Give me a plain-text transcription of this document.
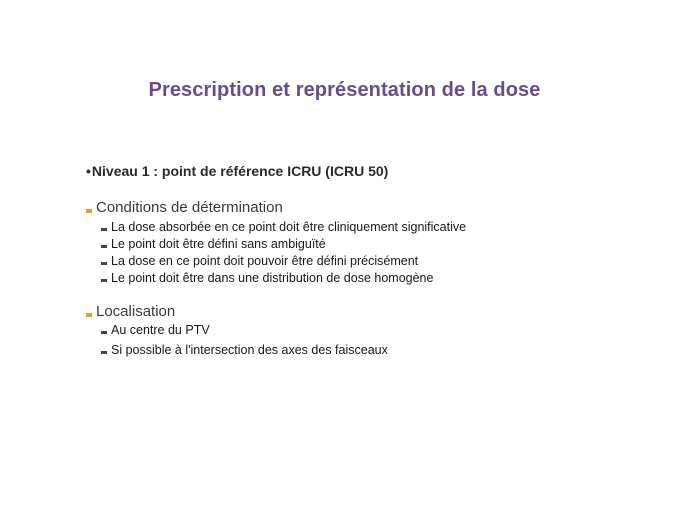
Prescription et représentation de la dose
•Niveau 1 : point de référence ICRU (ICRU 50)
Conditions de détermination
La dose absorbée en ce point doit être cliniquement significative
Le point doit être défini sans ambiguïté
La dose en ce point doit pouvoir être défini précisément
Le point doit être dans une distribution de dose homogène
Localisation
Au centre du PTV
Si possible à l'intersection des axes des faisceaux
